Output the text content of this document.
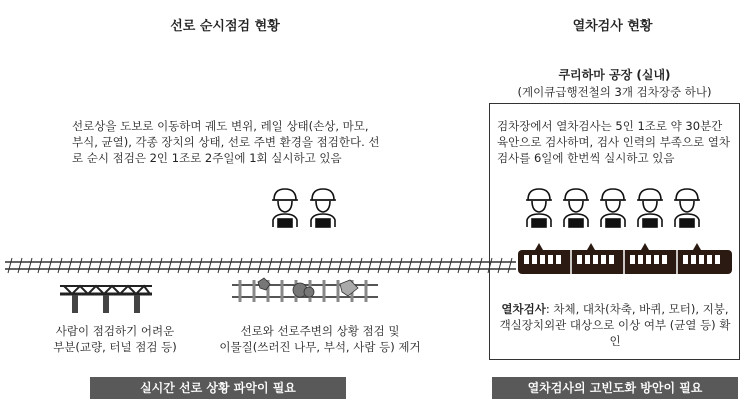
선로 순시점검 현황	열차검사 현황
선로상을 도보로 이동하며 궤도 변위, 레일 상태(손상, 마모, 부식, 균열), 각종 장치의 상태, 선로 주변 환경을 점검한다. 선로 순시 점검은 2인 1조로 2주일에 1회 실시하고 있음
쿠리하마 공장 (실내)
(게이큐급행전철의 3개 검차장중 하나)
검차장에서 열차검사는 5인 1조로 약 30분간 육안으로 검사하며, 검사 인력의 부족으로 열차 검사를 6일에 한번씩 실시하고 있음
사람이 점검하기 어려운
부분(교량, 터널 점검 등)
선로와 선로주변의 상황 점검 및
이물질(쓰러진 나무, 부석, 사람 등) 제거
열차검사: 차체, 대차(차축, 바퀴, 모터), 지붕, 객실장치외관 대상으로 이상 여부 (균열 등) 확인
실시간 선로 상황 파악이 필요	열차검사의 고빈도화 방안이 필요
